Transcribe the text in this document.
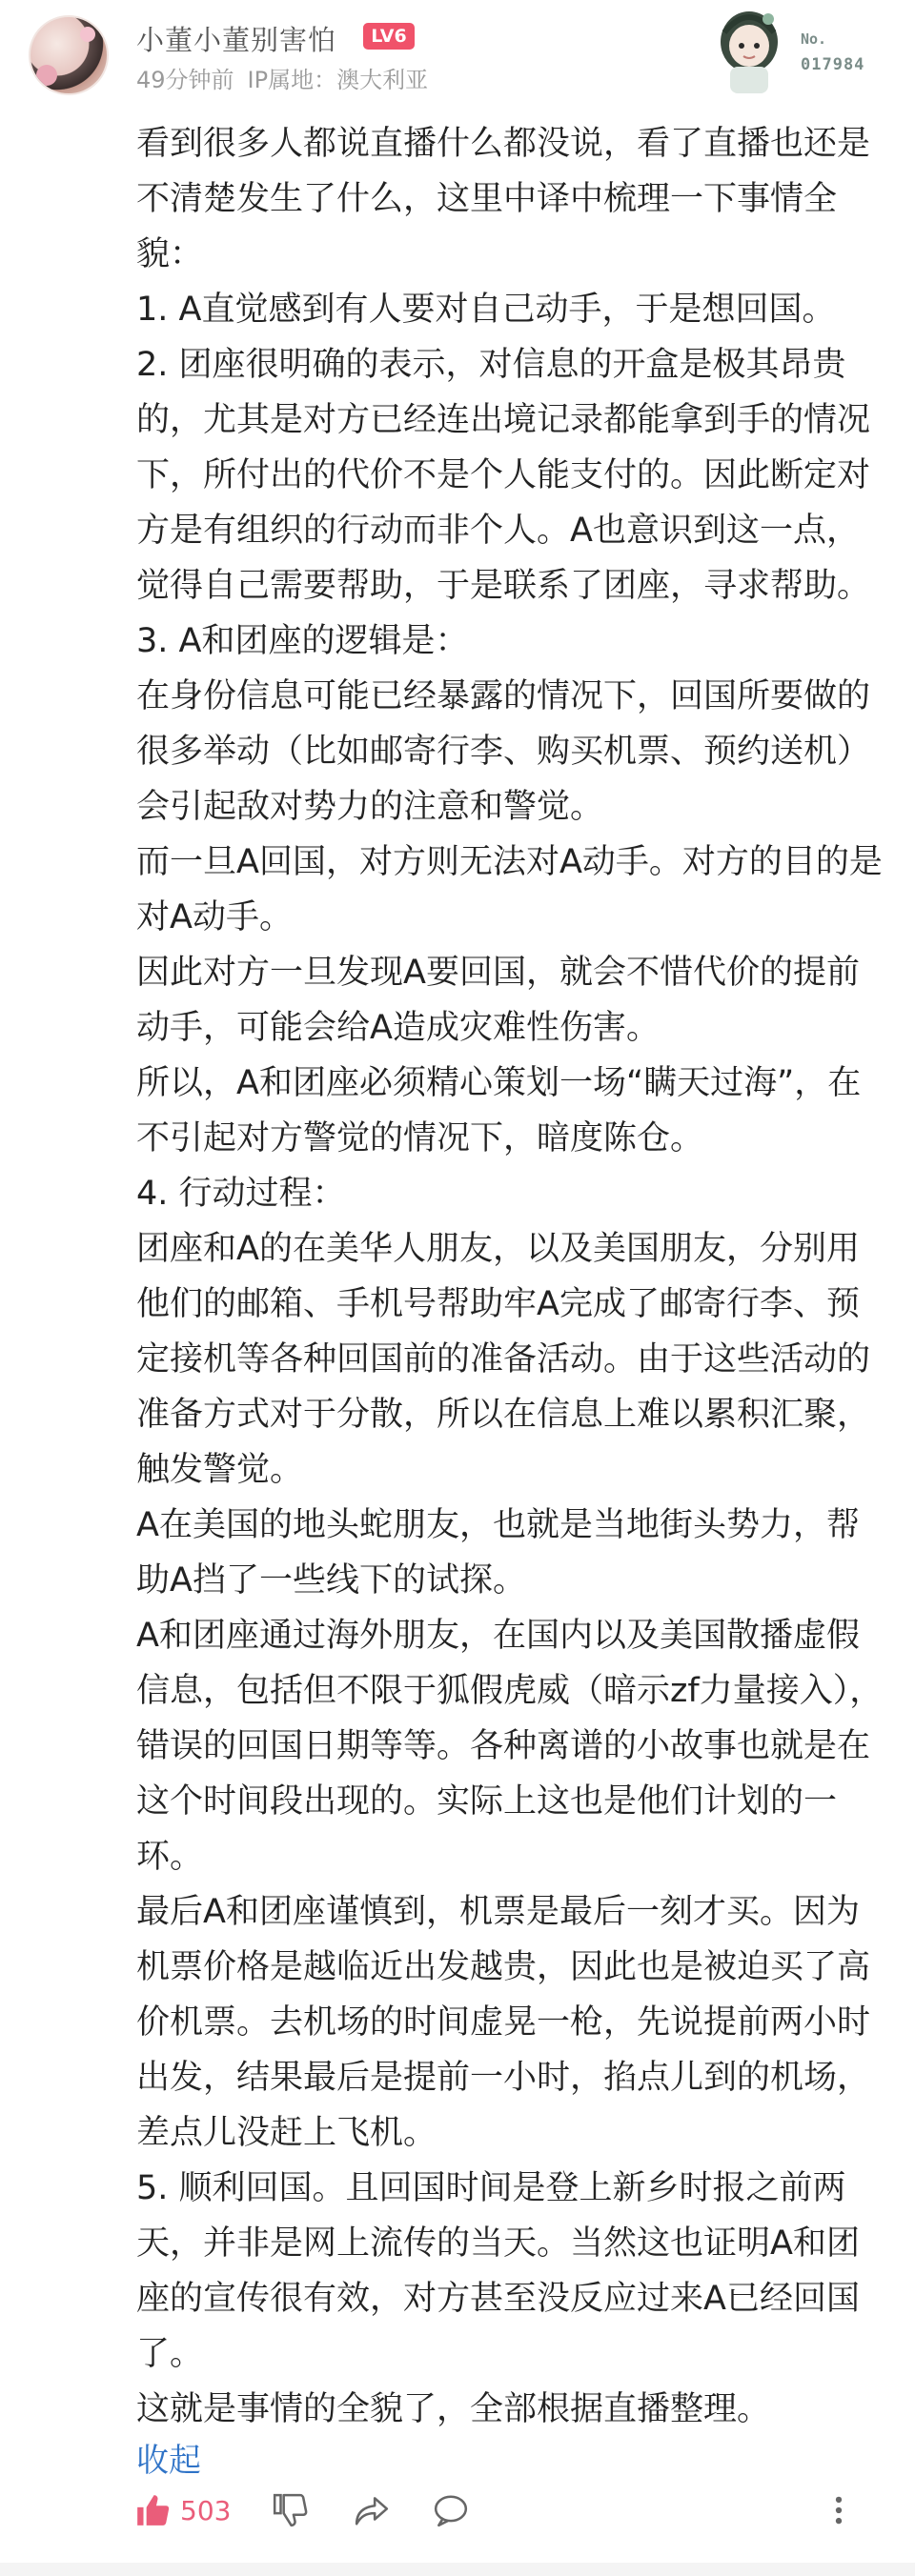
小董小董别害怕	LV6
49分钟前 IP属地：澳大利亚
No.
017984

看到很多人都说直播什么都没说，看了直播也还是不清楚发生了什么，这里中译中梳理一下事情全貌：

1. A直觉感到有人要对自己动手，于是想回国。

2. 团座很明确的表示，对信息的开盒是极其昂贵的，尤其是对方已经连出境记录都能拿到手的情况下，所付出的代价不是个人能支付的。因此断定对方是有组织的行动而非个人。A也意识到这一点，觉得自己需要帮助，于是联系了团座，寻求帮助。

3. A和团座的逻辑是：

在身份信息可能已经暴露的情况下，回国所要做的很多举动（比如邮寄行李、购买机票、预约送机）会引起敌对势力的注意和警觉。

而一旦A回国，对方则无法对A动手。对方的目的是对A动手。

因此对方一旦发现A要回国，就会不惜代价的提前动手，可能会给A造成灾难性伤害。

所以，A和团座必须精心策划一场“瞒天过海”，在不引起对方警觉的情况下，暗度陈仓。

4. 行动过程：

团座和A的在美华人朋友，以及美国朋友，分别用他们的邮箱、手机号帮助牢A完成了邮寄行李、预定接机等各种回国前的准备活动。由于这些活动的准备方式对于分散，所以在信息上难以累积汇聚，触发警觉。

A在美国的地头蛇朋友，也就是当地街头势力，帮助A挡了一些线下的试探。

A和团座通过海外朋友，在国内以及美国散播虚假信息，包括但不限于狐假虎威（暗示zf力量接入），错误的回国日期等等。各种离谱的小故事也就是在这个时间段出现的。实际上这也是他们计划的一环。

最后A和团座谨慎到，机票是最后一刻才买。因为机票价格是越临近出发越贵，因此也是被迫买了高价机票。去机场的时间虚晃一枪，先说提前两小时出发，结果最后是提前一小时，掐点儿到的机场，差点儿没赶上飞机。

5. 顺利回国。且回国时间是登上新乡时报之前两天，并非是网上流传的当天。当然这也证明A和团座的宣传很有效，对方甚至没反应过来A已经回国了。

这就是事情的全貌了，全部根据直播整理。

收起
503
